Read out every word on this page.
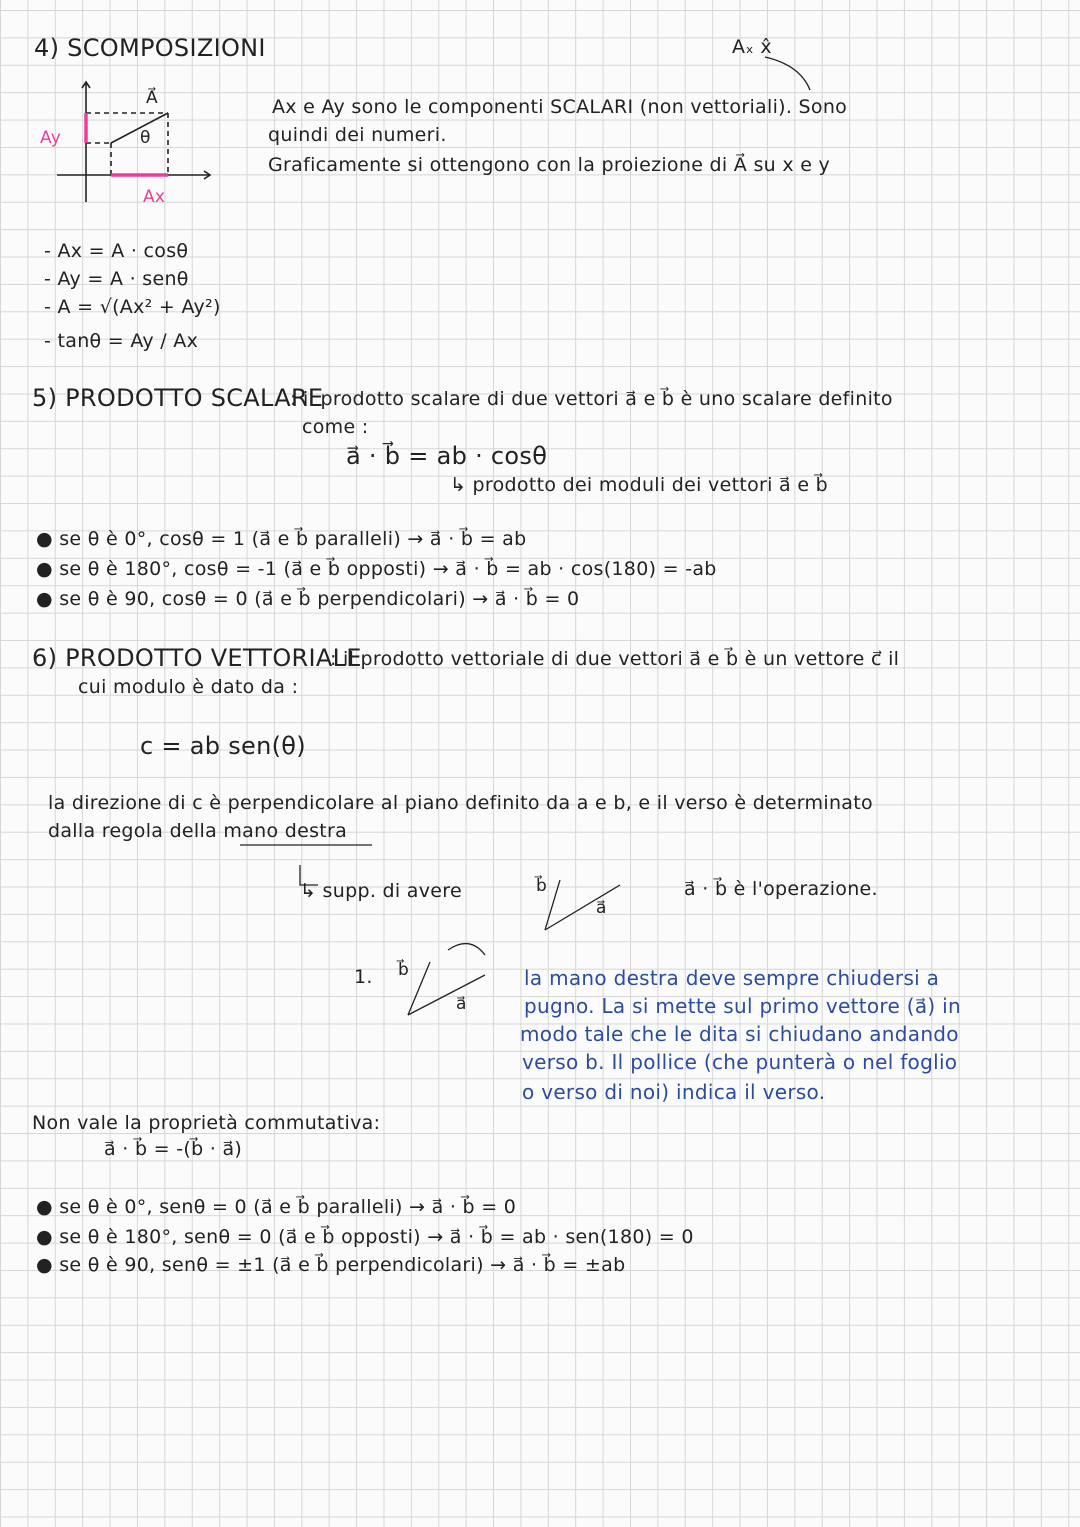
4) SCOMPOSIZIONI	Aₓ x̂
A⃗
Ay
Ax
θ
Ax e Ay sono le componenti SCALARI (non vettoriali). Sono
quindi dei numeri.
Graficamente si ottengono con la proiezione di A⃗ su x e y
- Ax = A · cosθ
- Ay = A · senθ
- A = √(Ax² + Ay²)
- tanθ = Ay / Ax
5) PRODOTTO SCALARE
: il prodotto scalare di due vettori a⃗ e b⃗ è uno scalare definito
come :
a⃗ · b⃗ = ab · cosθ
↳ prodotto dei moduli dei vettori a⃗ e b⃗
● se θ è 0°, cosθ = 1 (a⃗ e b⃗ paralleli) → a⃗ · b⃗ = ab
● se θ è 180°, cosθ = -1 (a⃗ e b⃗ opposti) → a⃗ · b⃗ = ab · cos(180) = -ab
● se θ è 90, cosθ = 0 (a⃗ e b⃗ perpendicolari) → a⃗ · b⃗ = 0
6) PRODOTTO VETTORIALE
: il prodotto vettoriale di due vettori a⃗ e b⃗ è un vettore c⃗ il
cui modulo è dato da :
c = ab sen(θ)
la direzione di c è perpendicolare al piano definito da a e b, e il verso è determinato
dalla regola della mano destra
↳ supp. di avere	b⃗
a⃗
a⃗ · b⃗ è l'operazione.
1. b⃗
a⃗
la mano destra deve sempre chiudersi a
pugno. La si mette sul primo vettore (a⃗) in
modo tale che le dita si chiudano andando
verso b. Il pollice (che punterà o nel foglio
o verso di noi) indica il verso.
Non vale la proprietà commutativa:
a⃗ · b⃗ = -(b⃗ · a⃗)
● se θ è 0°, senθ = 0 (a⃗ e b⃗ paralleli) → a⃗ · b⃗ = 0
● se θ è 180°, senθ = 0 (a⃗ e b⃗ opposti) → a⃗ · b⃗ = ab · sen(180) = 0
● se θ è 90, senθ = ±1 (a⃗ e b⃗ perpendicolari) → a⃗ · b⃗ = ±ab
